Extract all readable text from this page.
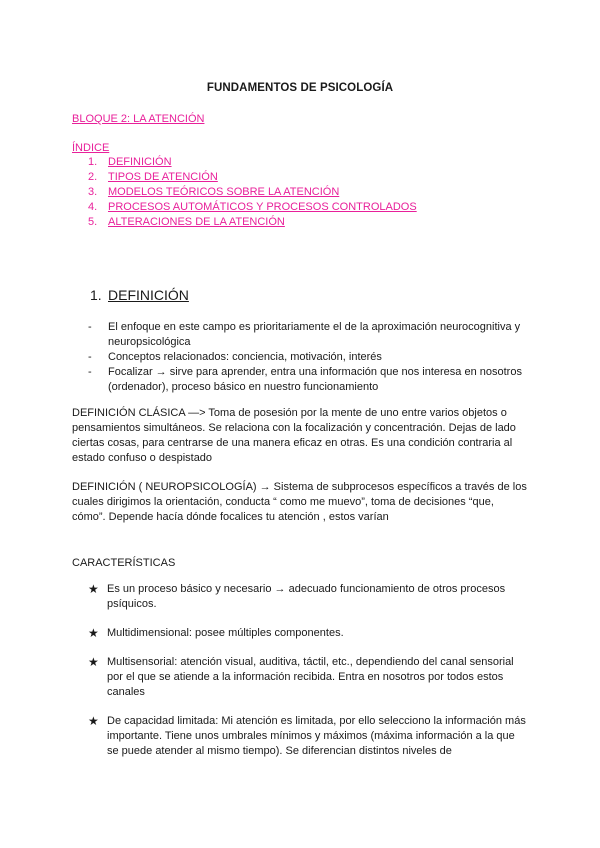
FUNDAMENTOS DE PSICOLOGÍA
BLOQUE 2: LA ATENCIÓN
ÍNDICE
1. DEFINICIÓN
2. TIPOS DE ATENCIÓN
3. MODELOS TEÓRICOS SOBRE LA ATENCIÓN
4. PROCESOS AUTOMÁTICOS Y PROCESOS CONTROLADOS
5. ALTERACIONES DE LA ATENCIÓN
1. DEFINICIÓN
- El enfoque en este campo es prioritariamente el de la aproximación neurocognitiva y neuropsicológica
- Conceptos relacionados: conciencia, motivación, interés
- Focalizar → sirve para aprender, entra una información que nos interesa en nosotros (ordenador), proceso básico en nuestro funcionamiento
DEFINICIÓN CLÁSICA —> Toma de posesión por la mente de uno entre varios objetos o pensamientos simultáneos. Se relaciona con la focalización y concentración. Dejas de lado ciertas cosas, para centrarse de una manera eficaz en otras. Es una condición contraria al estado confuso o despistado
DEFINICIÓN ( NEUROPSICOLOGÍA) → Sistema de subprocesos específicos a través de los cuales dirigimos la orientación, conducta “ como me muevo”, toma de decisiones “que, cómo”. Depende hacía dónde focalices tu atención , estos varían
CARACTERÍSTICAS
★ Es un proceso básico y necesario → adecuado funcionamiento de otros procesos psíquicos.
★ Multidimensional: posee múltiples componentes.
★ Multisensorial: atención visual, auditiva, táctil, etc., dependiendo del canal sensorial por el que se atiende a la información recibida. Entra en nosotros por todos estos canales
★ De capacidad limitada: Mi atención es limitada, por ello selecciono la información más importante. Tiene unos umbrales mínimos y máximos (máxima información a la que se puede atender al mismo tiempo). Se diferencian distintos niveles de
